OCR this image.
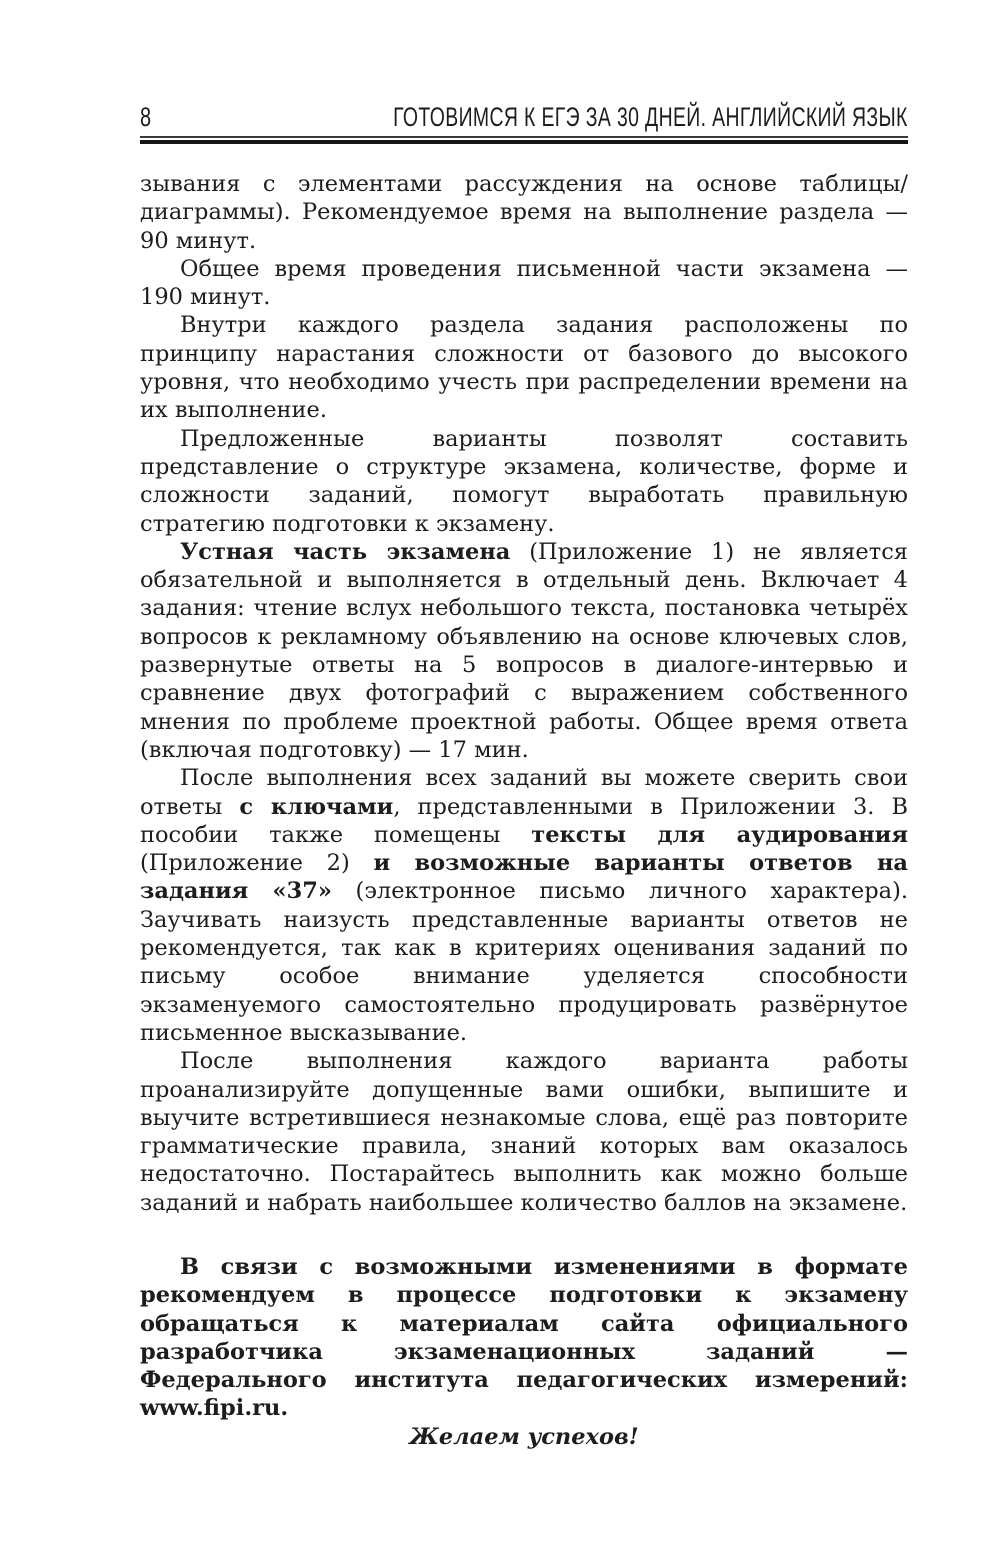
8	ГОТОВИМСЯ К ЕГЭ ЗА 30 ДНЕЙ. АНГЛИЙСКИЙ ЯЗЫК

зывания с элементами рассуждения на основе таблицы/диаграммы). Рекомендуемое время на выполнение раздела — 90 минут.

Общее время проведения письменной части экзамена — 190 минут.

Внутри каждого раздела задания расположены по принципу нарастания сложности от базового до высокого уровня, что необходимо учесть при распределении времени на их выполнение.

Предложенные варианты позволят составить представление о структуре экзамена, количестве, форме и сложности заданий, помогут выработать правильную стратегию подготовки к экзамену.

Устная часть экзамена (Приложение 1) не является обязательной и выполняется в отдельный день. Включает 4 задания: чтение вслух небольшого текста, постановка четырёх вопросов к рекламному объявлению на основе ключевых слов, развернутые ответы на 5 вопросов в диалоге-интервью и сравнение двух фотографий с выражением собственного мнения по проблеме проектной работы. Общее время ответа (включая подготовку) — 17 мин.

После выполнения всех заданий вы можете сверить свои ответы с ключами, представленными в Приложении 3. В пособии также помещены тексты для аудирования (Приложение 2) и возможные варианты ответов на задания «37» (электронное письмо личного характера). Заучивать наизусть представленные варианты ответов не рекомендуется, так как в критериях оценивания заданий по письму особое внимание уделяется способности экзаменуемого самостоятельно продуцировать развёрнутое письменное высказывание.

После выполнения каждого варианта работы проанализируйте допущенные вами ошибки, выпишите и выучите встретившиеся незнакомые слова, ещё раз повторите грамматические правила, знаний которых вам оказалось недостаточно. Постарайтесь выполнить как можно больше заданий и набрать наибольшее количество баллов на экзамене.

В связи с возможными изменениями в формате рекомендуем в процессе подготовки к экзамену обращаться к материалам сайта официального разработчика экзаменационных заданий — Федерального института педагогических измерений: www.fipi.ru.

Желаем успехов!
